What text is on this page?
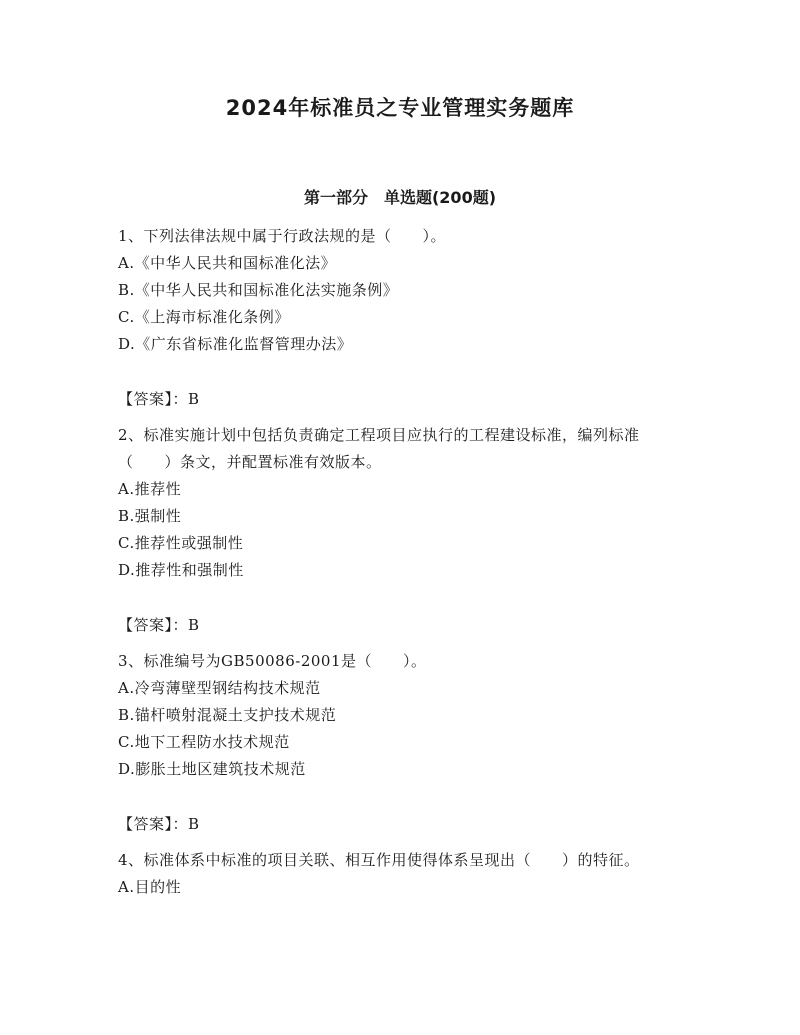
2024年标准员之专业管理实务题库
第一部分　单选题(200题)

1、下列法律法规中属于行政法规的是（　　）。

A.《中华人民共和国标准化法》

B.《中华人民共和国标准化法实施条例》

C.《上海市标准化条例》

D.《广东省标准化监督管理办法》

【答案】：B

2、标准实施计划中包括负责确定工程项目应执行的工程建设标准，编列标准（　　）条文，并配置标准有效版本。

A.推荐性

B.强制性

C.推荐性或强制性

D.推荐性和强制性

【答案】：B

3、标准编号为GB50086-2001是（　　）。

A.冷弯薄壁型钢结构技术规范

B.锚杆喷射混凝土支护技术规范

C.地下工程防水技术规范

D.膨胀土地区建筑技术规范

【答案】：B

4、标准体系中标准的项目关联、相互作用使得体系呈现出（　　）的特征。

A.目的性
